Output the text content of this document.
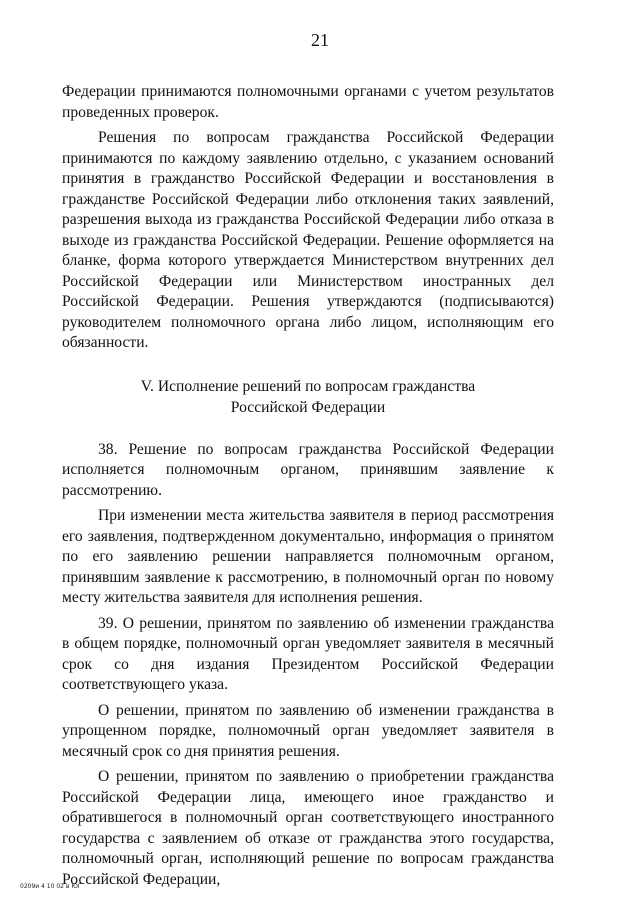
21

Федерации принимаются полномочными органами с учетом результатов проведенных проверок.

Решения по вопросам гражданства Российской Федерации принимаются по каждому заявлению отдельно, с указанием оснований принятия в гражданство Российской Федерации и восстановления в гражданстве Российской Федерации либо отклонения таких заявлений, разрешения выхода из гражданства Российской Федерации либо отказа в выходе из гражданства Российской Федерации. Решение оформляется на бланке, форма которого утверждается Министерством внутренних дел Российской Федерации или Министерством иностранных дел Российской Федерации. Решения утверждаются (подписываются) руководителем полномочного органа либо лицом, исполняющим его обязанности.

V. Исполнение решений по вопросам гражданства
Российской Федерации

38. Решение по вопросам гражданства Российской Федерации исполняется полномочным органом, принявшим заявление к рассмотрению.

При изменении места жительства заявителя в период рассмотрения его заявления, подтвержденном документально, информация о принятом по его заявлению решении направляется полномочным органом, принявшим заявление к рассмотрению, в полномочный орган по новому месту жительства заявителя для исполнения решения.

39. О решении, принятом по заявлению об изменении гражданства в общем порядке, полномочный орган уведомляет заявителя в месячный срок со дня издания Президентом Российской Федерации соответствующего указа.

О решении, принятом по заявлению об изменении гражданства в упрощенном порядке, полномочный орган уведомляет заявителя в месячный срок со дня принятия решения.

О решении, принятом по заявлению о приобретении гражданства Российской Федерации лица, имеющего иное гражданство и обратившегося в полномочный орган соответствующего иностранного государства с заявлением об отказе от гражданства этого государства, полномочный орган, исполняющий решение по вопросам гражданства Российской Федерации,

0209и 4 10 02 в ЮГ
